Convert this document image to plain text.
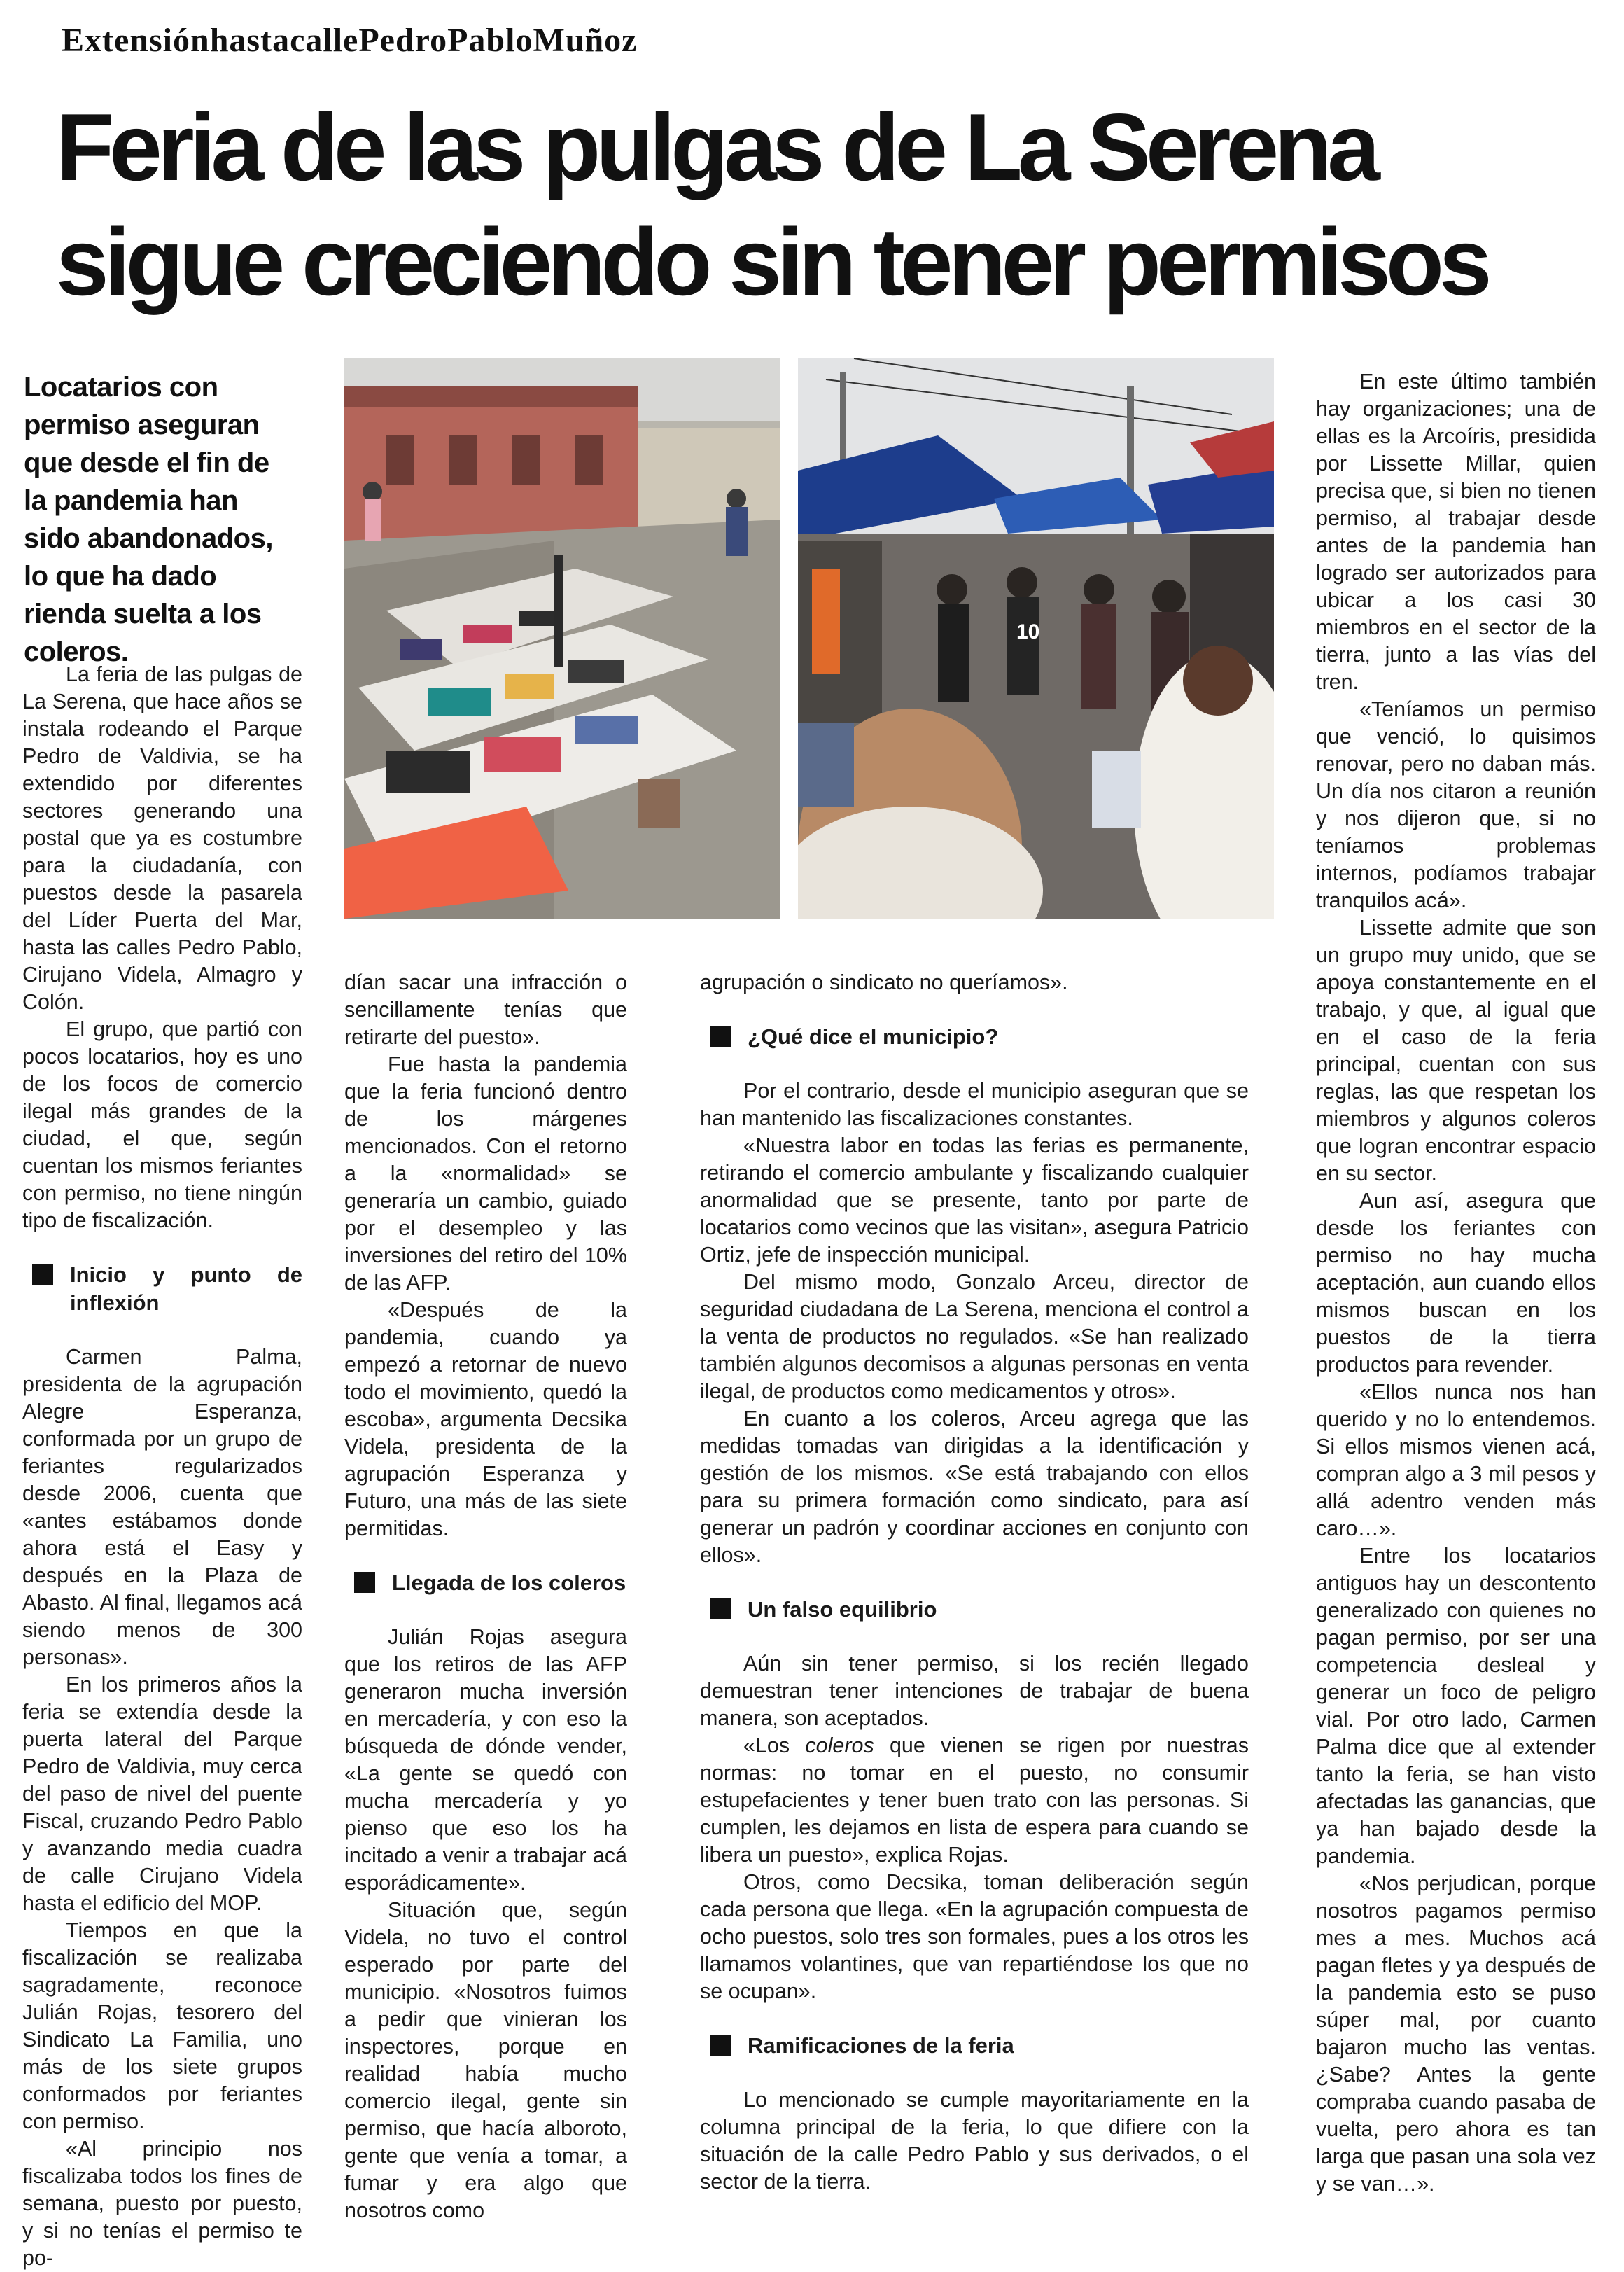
ExtensiónhastacallePedroPabloMuñoz
Feria de las pulgas de La Serena
sigue creciendo sin tener permisos
Locatarios con permiso aseguran que desde el fin de la pandemia han sido abandonados, lo que ha dado rienda suelta a los coleros.
10

La feria de las pulgas de La Serena, que hace años se instala rodeando el Parque Pedro de Valdivia, se ha extendido por diferentes sectores generando una postal que ya es costumbre para la ciudadanía, con puestos desde la pasarela del Líder Puerta del Mar, hasta las calles Pedro Pablo, Cirujano Videla, Almagro y Colón.

El grupo, que partió con pocos locatarios, hoy es uno de los focos de comercio ilegal más grandes de la ciudad, el que, según cuentan los mismos feriantes con permiso, no tiene ningún tipo de fiscalización.

Inicio y punto de inflexión

Carmen Palma, presidenta de la agrupación Alegre Esperanza, conformada por un grupo de feriantes regularizados desde 2006, cuenta que «antes estábamos donde ahora está el Easy y después en la Plaza de Abasto. Al final, llegamos acá siendo menos de 300 personas».

En los primeros años la feria se extendía desde la puerta lateral del Parque Pedro de Valdivia, muy cerca del paso de nivel del puente Fiscal, cruzando Pedro Pablo y avanzando media cuadra de calle Cirujano Videla hasta el edificio del MOP.

Tiempos en que la fiscalización se realizaba sagradamente, reconoce Julián Rojas, tesorero del Sindicato La Familia, uno más de los siete grupos conformados por feriantes con permiso.

«Al principio nos fiscalizaba todos los fines de semana, puesto por puesto, y si no tenías el permiso te po-

dían sacar una infracción o sencillamente tenías que retirarte del puesto».

Fue hasta la pandemia que la feria funcionó dentro de los márgenes mencionados. Con el retorno a la «normalidad» se generaría un cambio, guiado por el desempleo y las inversiones del retiro del 10% de las AFP.

«Después de la pandemia, cuando ya empezó a retornar de nuevo todo el movimiento, quedó la escoba», argumenta Decsika Videla, presidenta de la agrupación Esperanza y Futuro, una más de las siete permitidas.

Llegada de los coleros

Julián Rojas asegura que los retiros de las AFP generaron mucha inversión en mercadería, y con eso la búsqueda de dónde vender, «La gente se quedó con mucha mercadería y yo pienso que eso los ha incitado a venir a trabajar acá esporádicamente».

Situación que, según Videla, no tuvo el control esperado por parte del municipio. «Nosotros fuimos a pedir que vinieran los inspectores, porque en realidad había mucho comercio ilegal, gente sin permiso, que hacía alboroto, gente que venía a tomar, a fumar y era algo que nosotros como

agrupación o sindicato no queríamos».

¿Qué dice el municipio?

Por el contrario, desde el municipio aseguran que se han mantenido las fiscalizaciones constantes.

«Nuestra labor en todas las ferias es permanente, retirando el comercio ambulante y fiscalizando cualquier anormalidad que se presente, tanto por parte de locatarios como vecinos que las visitan», asegura Patricio Ortiz, jefe de inspección municipal.

Del mismo modo, Gonzalo Arceu, director de seguridad ciudadana de La Serena, menciona el control a la venta de productos no regulados. «Se han realizado también algunos decomisos a algunas personas en venta ilegal, de productos como medicamentos y otros».

En cuanto a los coleros, Arceu agrega que las medidas tomadas van dirigidas a la identificación y gestión de los mismos. «Se está trabajando con ellos para su primera formación como sindicato, para así generar un padrón y coordinar acciones en conjunto con ellos».

Un falso equilibrio

Aún sin tener permiso, si los recién llegado demuestran tener intenciones de trabajar de buena manera, son aceptados.

«Los coleros que vienen se rigen por nuestras normas: no tomar en el puesto, no consumir estupefacientes y tener buen trato con las personas. Si cumplen, les dejamos en lista de espera para cuando se libera un puesto», explica Rojas.

Otros, como Decsika, toman deliberación según cada persona que llega. «En la agrupación compuesta de ocho puestos, solo tres son formales, pues a los otros les llamamos volantines, que van repartiéndose los que no se ocupan».

Ramificaciones de la feria

Lo mencionado se cumple mayoritariamente en la columna principal de la feria, lo que difiere con la situación de la calle Pedro Pablo y sus derivados, o el sector de la tierra.

En este último también hay organizaciones; una de ellas es la Arcoíris, presidida por Lissette Millar, quien precisa que, si bien no tienen permiso, al trabajar desde antes de la pandemia han logrado ser autorizados para ubicar a los casi 30 miembros en el sector de la tierra, junto a las vías del tren.

«Teníamos un permiso que venció, lo quisimos renovar, pero no daban más. Un día nos citaron a reunión y nos dijeron que, si no teníamos problemas internos, podíamos trabajar tranquilos acá».

Lissette admite que son un grupo muy unido, que se apoya constantemente en el trabajo, y que, al igual que en el caso de la feria principal, cuentan con sus reglas, las que respetan los miembros y algunos coleros que logran encontrar espacio en su sector.

Aun así, asegura que desde los feriantes con permiso no hay mucha aceptación, aun cuando ellos mismos buscan en los puestos de la tierra productos para revender.

«Ellos nunca nos han querido y no lo entendemos. Si ellos mismos vienen acá, compran algo a 3 mil pesos y allá adentro venden más caro…».

Entre los locatarios antiguos hay un descontento generalizado con quienes no pagan permiso, por ser una competencia desleal y generar un foco de peligro vial. Por otro lado, Carmen Palma dice que al extender tanto la feria, se han visto afectadas las ganancias, que ya han bajado desde la pandemia.

«Nos perjudican, porque nosotros pagamos permiso mes a mes. Muchos acá pagan fletes y ya después de la pandemia esto se puso súper mal, por cuanto bajaron mucho las ventas. ¿Sabe? Antes la gente compraba cuando pasaba de vuelta, pero ahora es tan larga que pasan una sola vez y se van…».
